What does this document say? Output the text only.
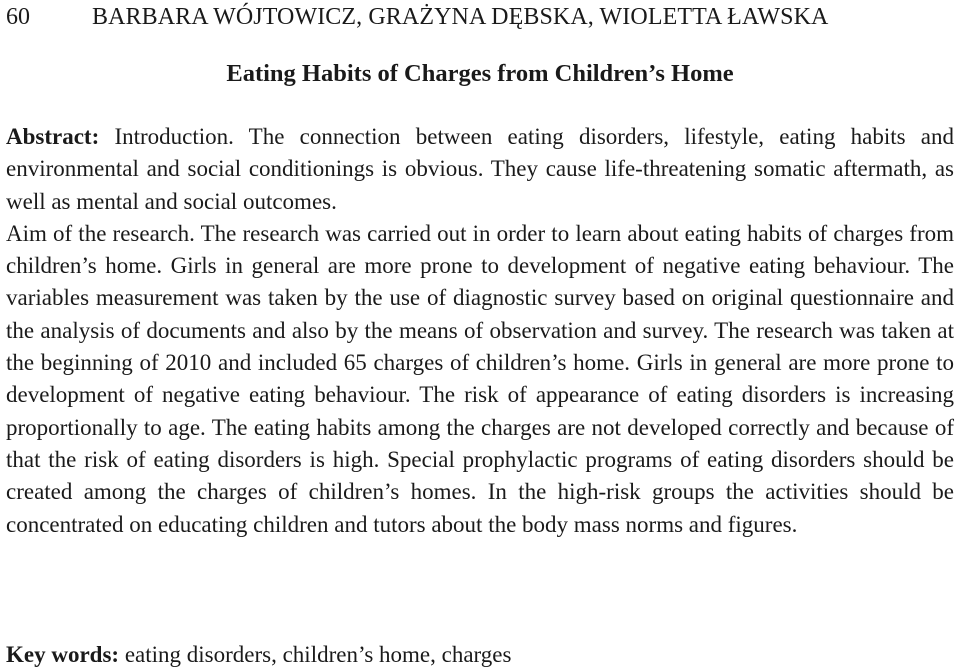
60	BARBARA WÓJTOWICZ, GRAŻYNA DĘBSKA, WIOLETTA ŁAWSKA
Eating Habits of Charges from Children’s Home

Abstract: Introduction. The connection between eating disorders, lifestyle, eating habits and environmental and social conditionings is obvious. They cause life-threatening somatic aftermath, as well as mental and social outcomes.

Aim of the research. The research was carried out in order to learn about eating habits of charges from children’s home. Girls in general are more prone to development of negative eating behaviour. The variables measurement was taken by the use of diagnostic survey based on original questionnaire and the analysis of documents and also by the means of observation and survey. The research was taken at the beginning of 2010 and included 65 charges of children’s home. Girls in general are more prone to development of negative eating behaviour. The risk of appearance of eating disorders is increasing proportionally to age. The eating habits among the charges are not developed correctly and because of that the risk of eating disorders is high. Special prophylactic programs of eating disorders should be created among the charges of children’s homes. In the high-risk groups the activities should be concentrated on educating children and tutors about the body mass norms and figures.

Key words: eating disorders, children’s home, charges
